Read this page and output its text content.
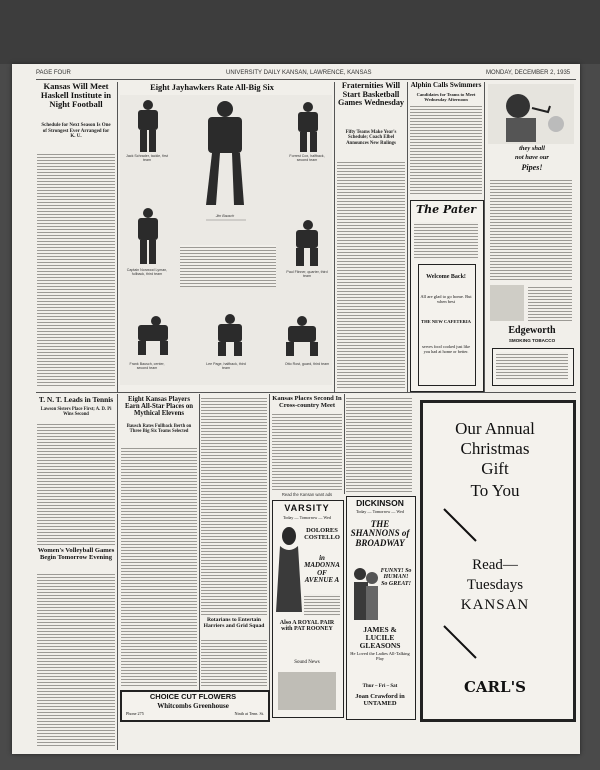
PAGE FOUR	UNIVERSITY DAILY KANSAN, LAWRENCE, KANSAS	MONDAY, DECEMBER 2, 1935
Kansas Will Meet Haskell Institute in Night Football
Schedule for Next Season Is One of Strongest Ever Arranged for K. U.
Eight Jayhawkers Rate All-Big Six
Jack Schrader, tackle, first team
Jim Bausch
Forrest Cox, halfback, second team
Captain Norwood Lyman, fullback, third team
Paul Flinner, quarter, third team
Frank Bausch, center, second team
Lee Page, halfback, third team
Otto Rost, guard, third team
Fraternities Will Start Basketball Games Wednesday
Fifty Teams Make Year's Schedule; Coach Elbel Announces New Rulings
Alphin Calls Swimmers
Candidates for Teams to Meet Wednesday Afternoon
The Pater
Welcome Back!
All are glad to go home. But when best
THE NEW CAFETERIA
serves food cooked just like you had at home or better.
they shall
not have our
Pipes!
Edgeworth
SMOKING TOBACCO
T. N. T. Leads in Tennis
Lawson Sisters Place First; A. D. Pi Wins Second
Women's Volleyball Games Begin Tomorrow Evening
Eight Kansas Players Earn All-Star Places on Mythical Elevens
Bausch Rates Fullback Berth on Three Big Six Teams Selected
Kansas Places Second In Cross-country Meet
Read the Kansan want ads
Rotarians to Entertain Harriers and Grid Squad
CHOICE CUT FLOWERS
Whitcombs Greenhouse
Phone 275	Ninth at Tenn. St.
VARSITY
Today — Tomorrow — Wed
DOLORES COSTELLO
in MADONNA OF AVENUE A
Also A ROYAL PAIR with PAT ROONEY
Sound News
DICKINSON
Today — Tomorrow — Wed
THE SHANNONS of BROADWAY
FUNNY! So HUMAN! So GREAT!
JAMES & LUCILE GLEASONS
He Loved the Ladies All-Talking Play
Thur – Fri – Sat
Joan Crawford in UNTAMED
Our Annual
Christmas
Gift
To You
Read—
Tuesdays
KANSAN
CARL'S
